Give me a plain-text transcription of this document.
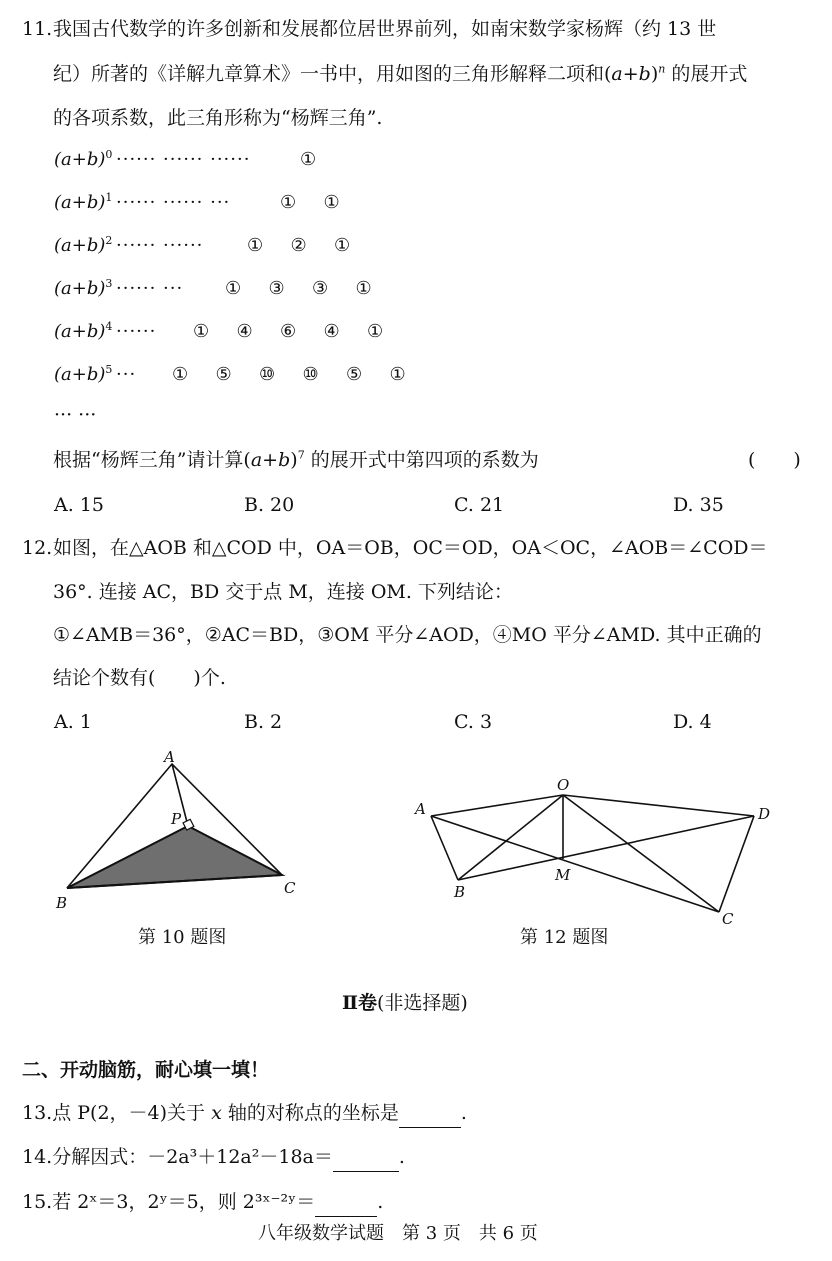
11. 我国古代数学的许多创新和发展都位居世界前列，如南宋数学家杨辉（约 13 世
纪）所著的《详解九章算术》一书中，用如图的三角形解释二项和$(a+b)^n$ 的展开式
的各项系数，此三角形称为“杨辉三角”.
$(a+b)^0$ ······ ······ ······	①
$(a+b)^1$ ······ ······ ···	① ①
$(a+b)^2$ ······ ······ ① ② ①
$(a+b)^3$ ······ ··· ① ③ ③ ①
$(a+b)^4$ ······ ① ④ ⑥ ④ ①
$(a+b)^5$ ··· ① ⑤ ⑩ ⑩ ⑤ ①
··· ···
根据“杨辉三角”请计算$(a+b)^7$ 的展开式中第四项的系数为	(　　)
A. 15	B. 20	C. 21	D. 35
12. 如图，在△AOB 和△COD 中，OA＝OB，OC＝OD，OA＜OC，∠AOB＝∠COD＝
36°. 连接 AC，BD 交于点 M，连接 OM. 下列结论：
①∠AMB＝36°，②AC＝BD，③OM 平分∠AOD，④MO 平分∠AMD. 其中正确的
结论个数有(　　)个.
A. 1	B. 2	C. 3	D. 4
A
P
B
C
第 10 题图
O
A	D
M
B
C
第 12 题图
Ⅱ卷(非选择题)
二、开动脑筋，耐心填一填！
13.点 P(2，－4)关于 x 轴的对称点的坐标是	.
14.分解因式：－2a³＋12a²－18a＝	.
15.若 2ˣ＝3，2ʸ＝5，则 2³ˣ⁻²ʸ＝	.
八年级数学试题　第 3 页　共 6 页
